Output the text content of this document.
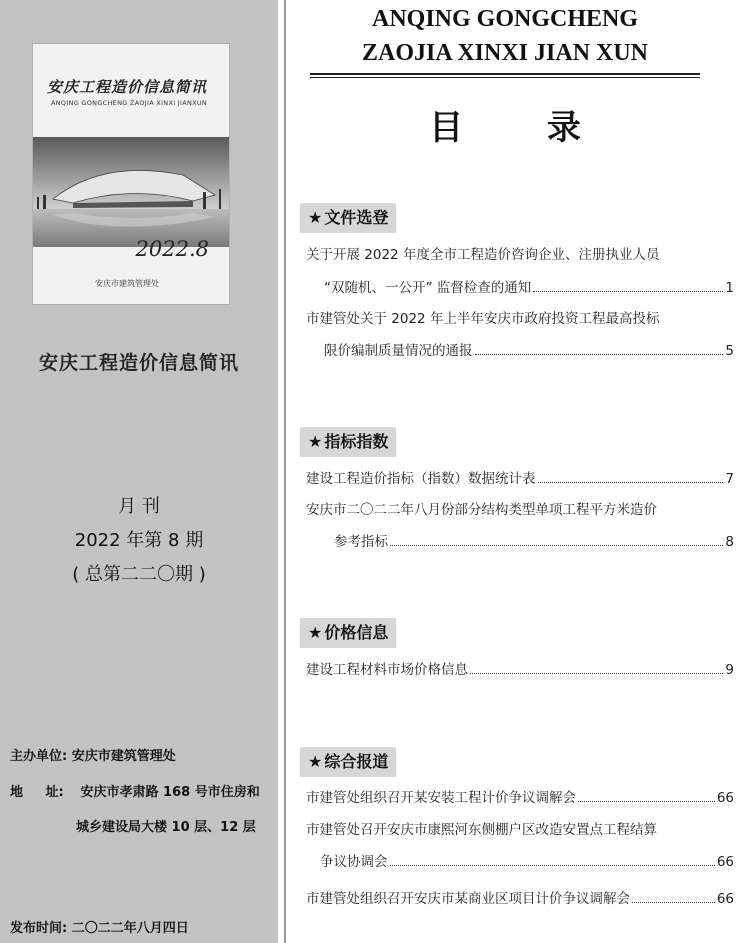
安庆工程造价信息简讯
ANQING GONGCHENG ZAOJIA XINXI JIANXUN
2022.8
安庆市建筑管理处
安庆工程造价信息简讯
月 刊
2022 年第 8 期
( 总第二二〇期 )
主办单位: 安庆市建筑管理处
地 址: 安庆市孝肃路 168 号市住房和
城乡建设局大楼 10 层、12 层
发布时间: 二〇二二年八月四日
ANQING GONGCHENG
ZAOJIA XINXI JIAN XUN
目 录
★ 文件选登
关于开展 2022 年度全市工程造价咨询企业、注册执业人员
“双随机、一公开” 监督检查的通知	1
市建管处关于 2022 年上半年安庆市政府投资工程最高投标
限价编制质量情况的通报	5
★ 指标指数
建设工程造价指标（指数）数据统计表	7
安庆市二〇二二年八月份部分结构类型单项工程平方米造价
参考指标	8
★ 价格信息
建设工程材料市场价格信息	9
★ 综合报道
市建管处组织召开某安装工程计价争议调解会	66
市建管处召开安庆市康熙河东侧棚户区改造安置点工程结算
争议协调会	66
市建管处组织召开安庆市某商业区项目计价争议调解会	66
